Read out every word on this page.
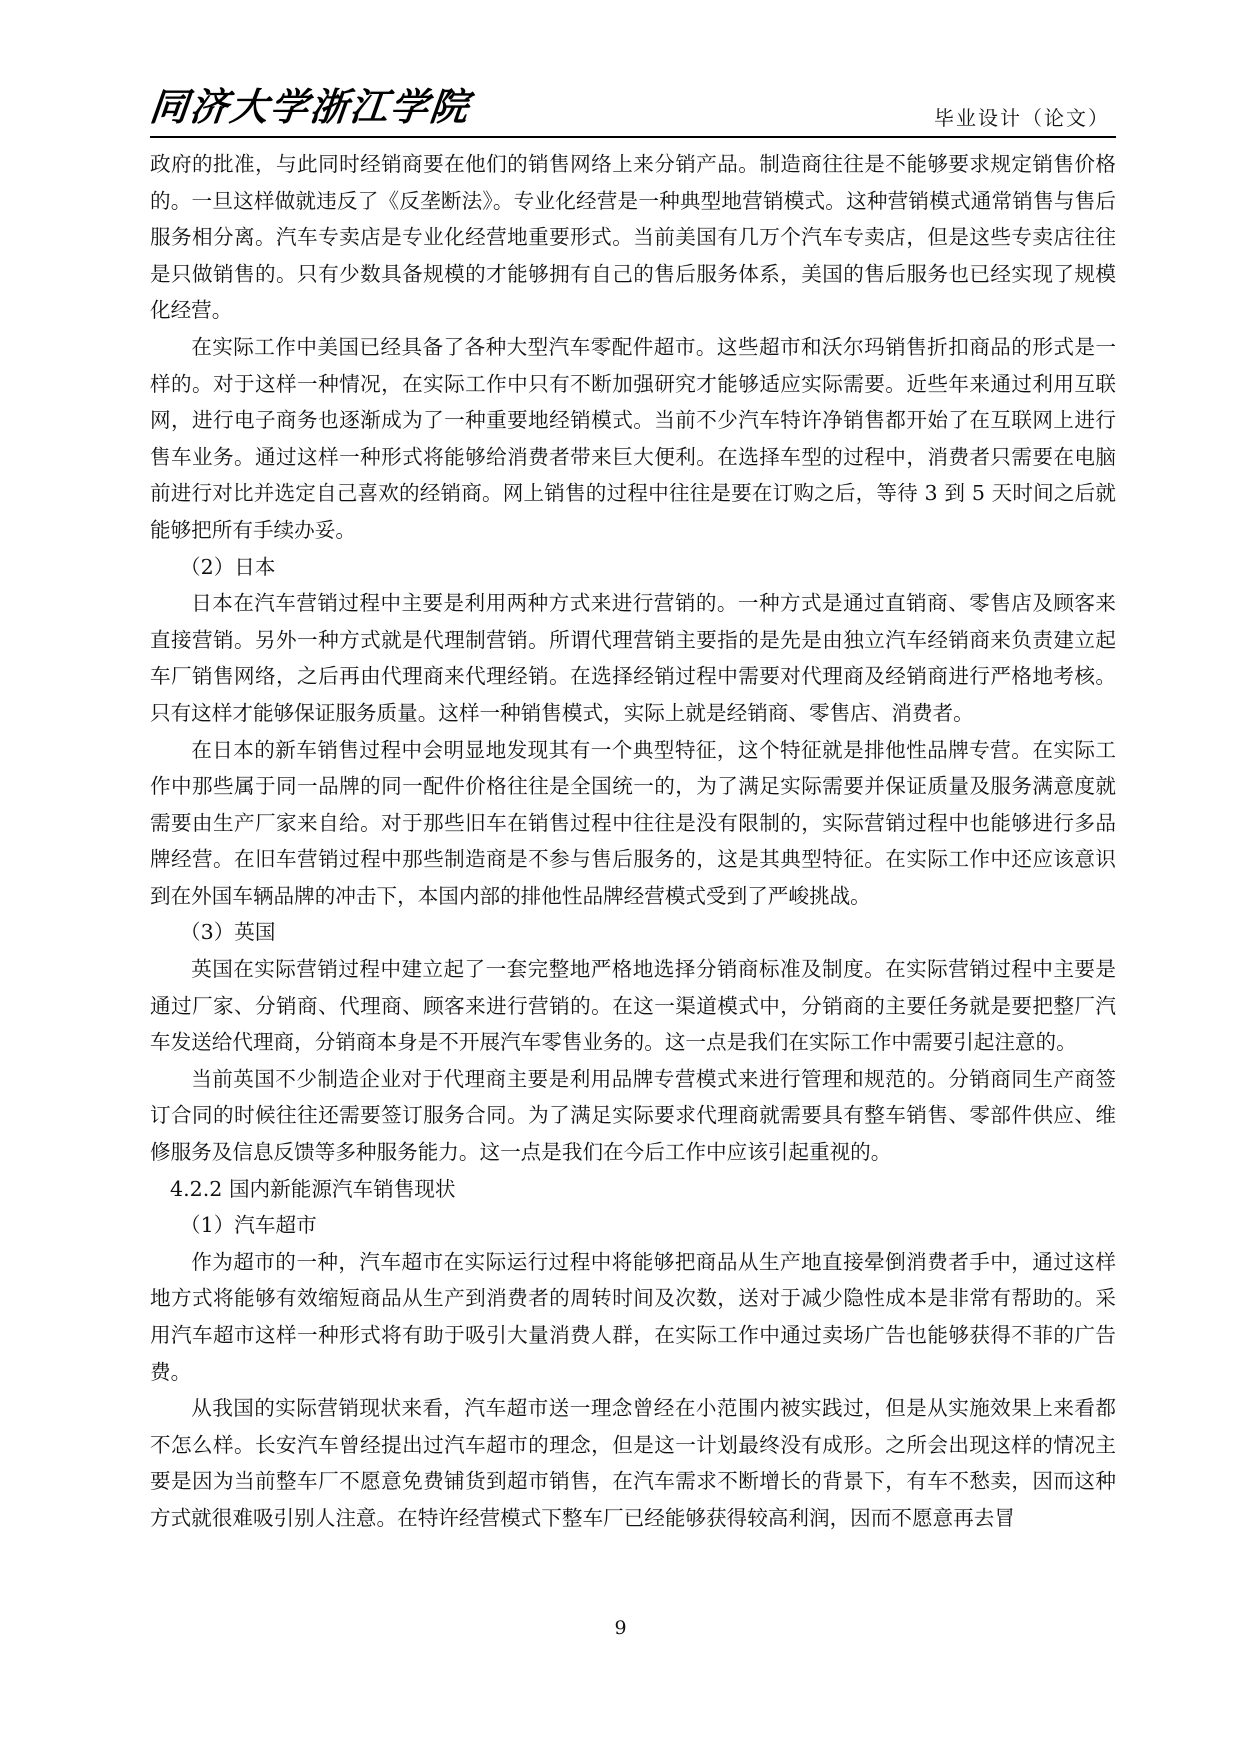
同济大学浙江学院	毕业设计（论文）

政府的批准，与此同时经销商要在他们的销售网络上来分销产品。制造商往往是不能够要求规定销售价格的。一旦这样做就违反了《反垄断法》。专业化经营是一种典型地营销模式。这种营销模式通常销售与售后服务相分离。汽车专卖店是专业化经营地重要形式。当前美国有几万个汽车专卖店，但是这些专卖店往往是只做销售的。只有少数具备规模的才能够拥有自己的售后服务体系，美国的售后服务也已经实现了规模化经营。

在实际工作中美国已经具备了各种大型汽车零配件超市。这些超市和沃尔玛销售折扣商品的形式是一样的。对于这样一种情况，在实际工作中只有不断加强研究才能够适应实际需要。近些年来通过利用互联网，进行电子商务也逐渐成为了一种重要地经销模式。当前不少汽车特许净销售都开始了在互联网上进行售车业务。通过这样一种形式将能够给消费者带来巨大便利。在选择车型的过程中，消费者只需要在电脑前进行对比并选定自己喜欢的经销商。网上销售的过程中往往是要在订购之后，等待 3 到 5 天时间之后就能够把所有手续办妥。

（2）日本

日本在汽车营销过程中主要是利用两种方式来进行营销的。一种方式是通过直销商、零售店及顾客来直接营销。另外一种方式就是代理制营销。所谓代理营销主要指的是先是由独立汽车经销商来负责建立起车厂销售网络，之后再由代理商来代理经销。在选择经销过程中需要对代理商及经销商进行严格地考核。只有这样才能够保证服务质量。这样一种销售模式，实际上就是经销商、零售店、消费者。

在日本的新车销售过程中会明显地发现其有一个典型特征，这个特征就是排他性品牌专营。在实际工作中那些属于同一品牌的同一配件价格往往是全国统一的，为了满足实际需要并保证质量及服务满意度就需要由生产厂家来自给。对于那些旧车在销售过程中往往是没有限制的，实际营销过程中也能够进行多品牌经营。在旧车营销过程中那些制造商是不参与售后服务的，这是其典型特征。在实际工作中还应该意识到在外国车辆品牌的冲击下，本国内部的排他性品牌经营模式受到了严峻挑战。

（3）英国

英国在实际营销过程中建立起了一套完整地严格地选择分销商标准及制度。在实际营销过程中主要是通过厂家、分销商、代理商、顾客来进行营销的。在这一渠道模式中，分销商的主要任务就是要把整厂汽车发送给代理商，分销商本身是不开展汽车零售业务的。这一点是我们在实际工作中需要引起注意的。

当前英国不少制造企业对于代理商主要是利用品牌专营模式来进行管理和规范的。分销商同生产商签订合同的时候往往还需要签订服务合同。为了满足实际要求代理商就需要具有整车销售、零部件供应、维修服务及信息反馈等多种服务能力。这一点是我们在今后工作中应该引起重视的。

4.2.2 国内新能源汽车销售现状

（1）汽车超市

作为超市的一种，汽车超市在实际运行过程中将能够把商品从生产地直接晕倒消费者手中，通过这样地方式将能够有效缩短商品从生产到消费者的周转时间及次数，送对于减少隐性成本是非常有帮助的。采用汽车超市这样一种形式将有助于吸引大量消费人群，在实际工作中通过卖场广告也能够获得不菲的广告费。

从我国的实际营销现状来看，汽车超市送一理念曾经在小范围内被实践过，但是从实施效果上来看都不怎么样。长安汽车曾经提出过汽车超市的理念，但是这一计划最终没有成形。之所会出现这样的情况主要是因为当前整车厂不愿意免费铺货到超市销售，在汽车需求不断增长的背景下，有车不愁卖，因而这种方式就很难吸引别人注意。在特许经营模式下整车厂已经能够获得较高利润，因而不愿意再去冒

9
